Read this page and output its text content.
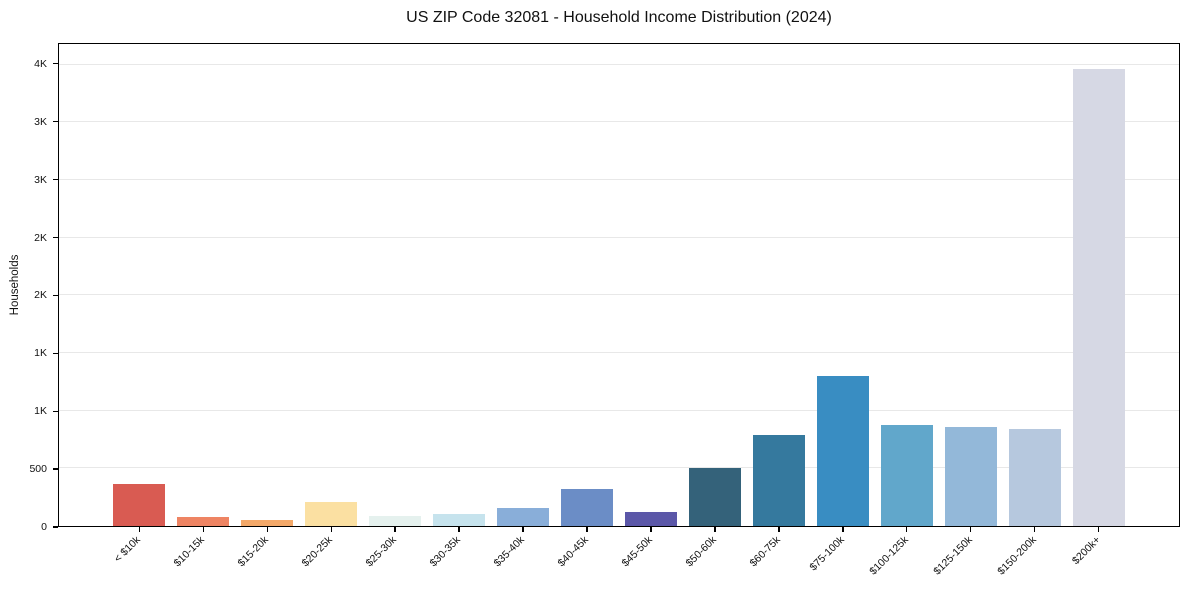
US ZIP Code 32081 - Household Income Distribution (2024)
Households
0
500
1K
1K
2K
2K
3K
3K
4K
< $10k	$10-15k	$15-20k	$20-25k	$25-30k	$30-35k	$35-40k	$40-45k	$45-50k	$50-60k	$60-75k	$75-100k	$100-125k	$125-150k	$150-200k	$200k+
